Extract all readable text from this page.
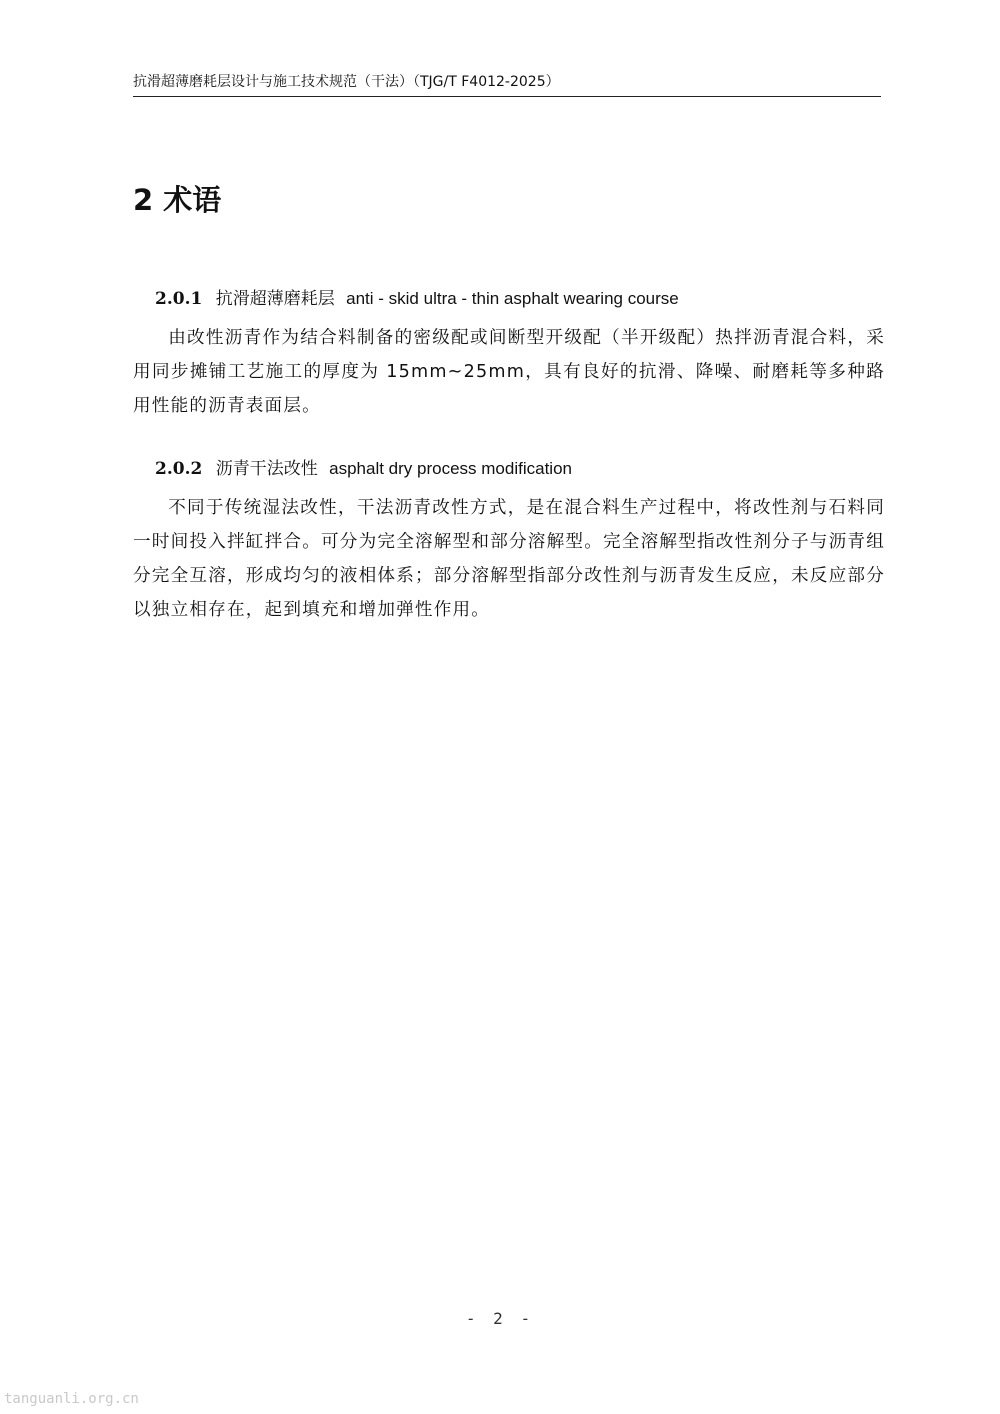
抗滑超薄磨耗层设计与施工技术规范（干法）（TJG/T F4012-2025）
2 术语
2.0.1 抗滑超薄磨耗层 anti - skid ultra - thin asphalt wearing course
由改性沥青作为结合料制备的密级配或间断型开级配（半开级配）热拌沥青混合料，采用同步摊铺工艺施工的厚度为 15mm~25mm，具有良好的抗滑、降噪、耐磨耗等多种路用性能的沥青表面层。
2.0.2 沥青干法改性 asphalt dry process modification
不同于传统湿法改性，干法沥青改性方式，是在混合料生产过程中，将改性剂与石料同一时间投入拌缸拌合。可分为完全溶解型和部分溶解型。完全溶解型指改性剂分子与沥青组分完全互溶，形成均匀的液相体系；部分溶解型指部分改性剂与沥青发生反应，未反应部分以独立相存在，起到填充和增加弹性作用。
- 2 -
tanguanli.org.cn
